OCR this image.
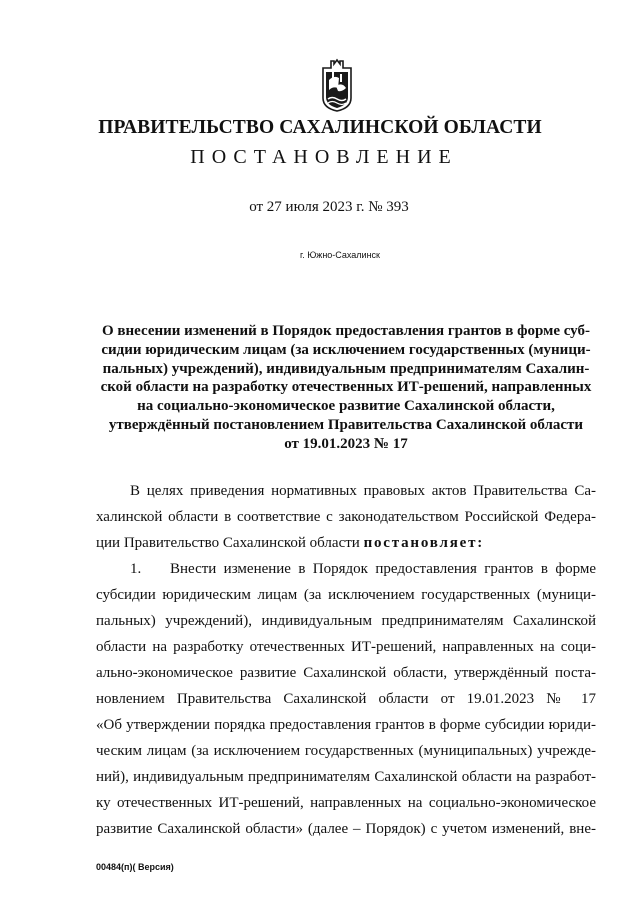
ПРАВИТЕЛЬСТВО САХАЛИНСКОЙ ОБЛАСТИ
ПОСТАНОВЛЕНИЕ

от 27 июля 2023 г. № 393

г. Южно-Сахалинск

О внесении изменений в Порядок предоставления грантов в форме суб-
сидии юридическим лицам (за исключением государственных (муници-
пальных) учреждений), индивидуальным предпринимателям Сахалин-
ской области на разработку отечественных ИТ-решений, направленных
на социально-экономическое развитие Сахалинской области,
утверждённый постановлением Правительства Сахалинской области
от 19.01.2023 № 17
В целях приведения нормативных правовых актов Правительства Са-
халинской области в соответствие с законодательством Российской Федера-
ции Правительство Сахалинской области постановляет:
1. Внести изменение в Порядок предоставления грантов в форме
субсидии юридическим лицам (за исключением государственных (муници-
пальных) учреждений), индивидуальным предпринимателям Сахалинской
области на разработку отечественных ИТ-решений, направленных на соци-
ально-экономическое развитие Сахалинской области, утверждённый поста-
новлением Правительства Сахалинской области от 19.01.2023 № 17
«Об утверждении порядка предоставления грантов в форме субсидии юриди-
ческим лицам (за исключением государственных (муниципальных) учрежде-
ний), индивидуальным предпринимателям Сахалинской области на разработ-
ку отечественных ИТ-решений, направленных на социально-экономическое
развитие Сахалинской области» (далее – Порядок) с учетом изменений, вне-
00484(п)( Версия)
